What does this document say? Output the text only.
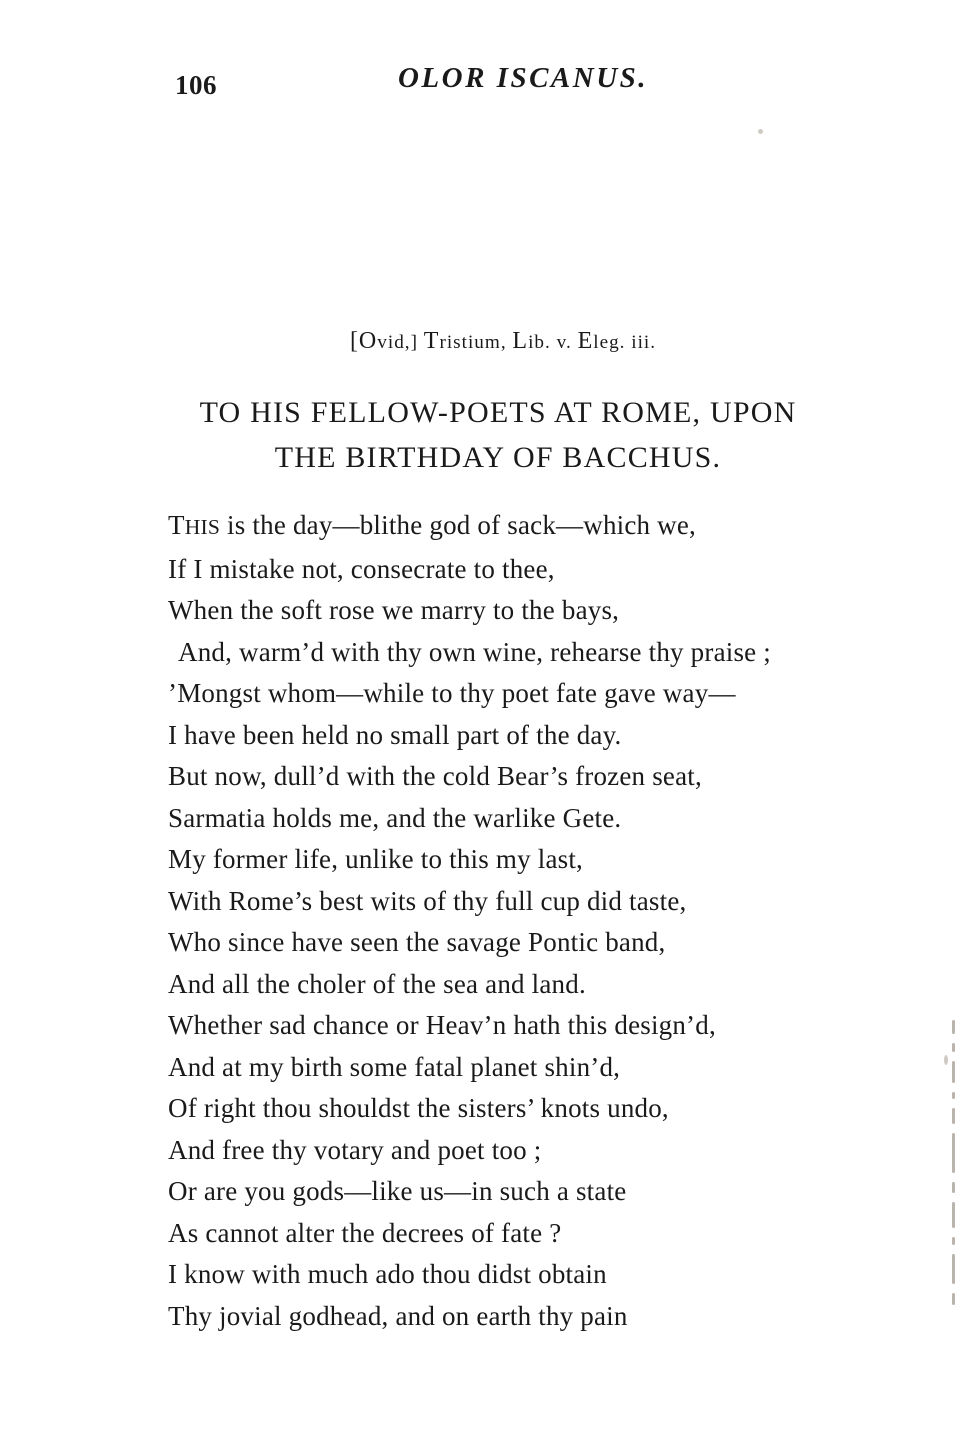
106	OLOR ISCANUS.
[Ovid,] Tristium, Lib. v. Eleg. iii.
TO HIS FELLOW-POETS AT ROME, UPON
THE BIRTHDAY OF BACCHUS.
THIS is the day—blithe god of sack—which we,
If I mistake not, consecrate to thee,
When the soft rose we marry to the bays,
And, warm’d with thy own wine, rehearse thy praise ;
’Mongst whom—while to thy poet fate gave way—
I have been held no small part of the day.
But now, dull’d with the cold Bear’s frozen seat,
Sarmatia holds me, and the warlike Gete.
My former life, unlike to this my last,
With Rome’s best wits of thy full cup did taste,
Who since have seen the savage Pontic band,
And all the choler of the sea and land.
Whether sad chance or Heav’n hath this design’d,
And at my birth some fatal planet shin’d,
Of right thou shouldst the sisters’ knots undo,
And free thy votary and poet too ;
Or are you gods—like us—in such a state
As cannot alter the decrees of fate ?
I know with much ado thou didst obtain
Thy jovial godhead, and on earth thy pain
